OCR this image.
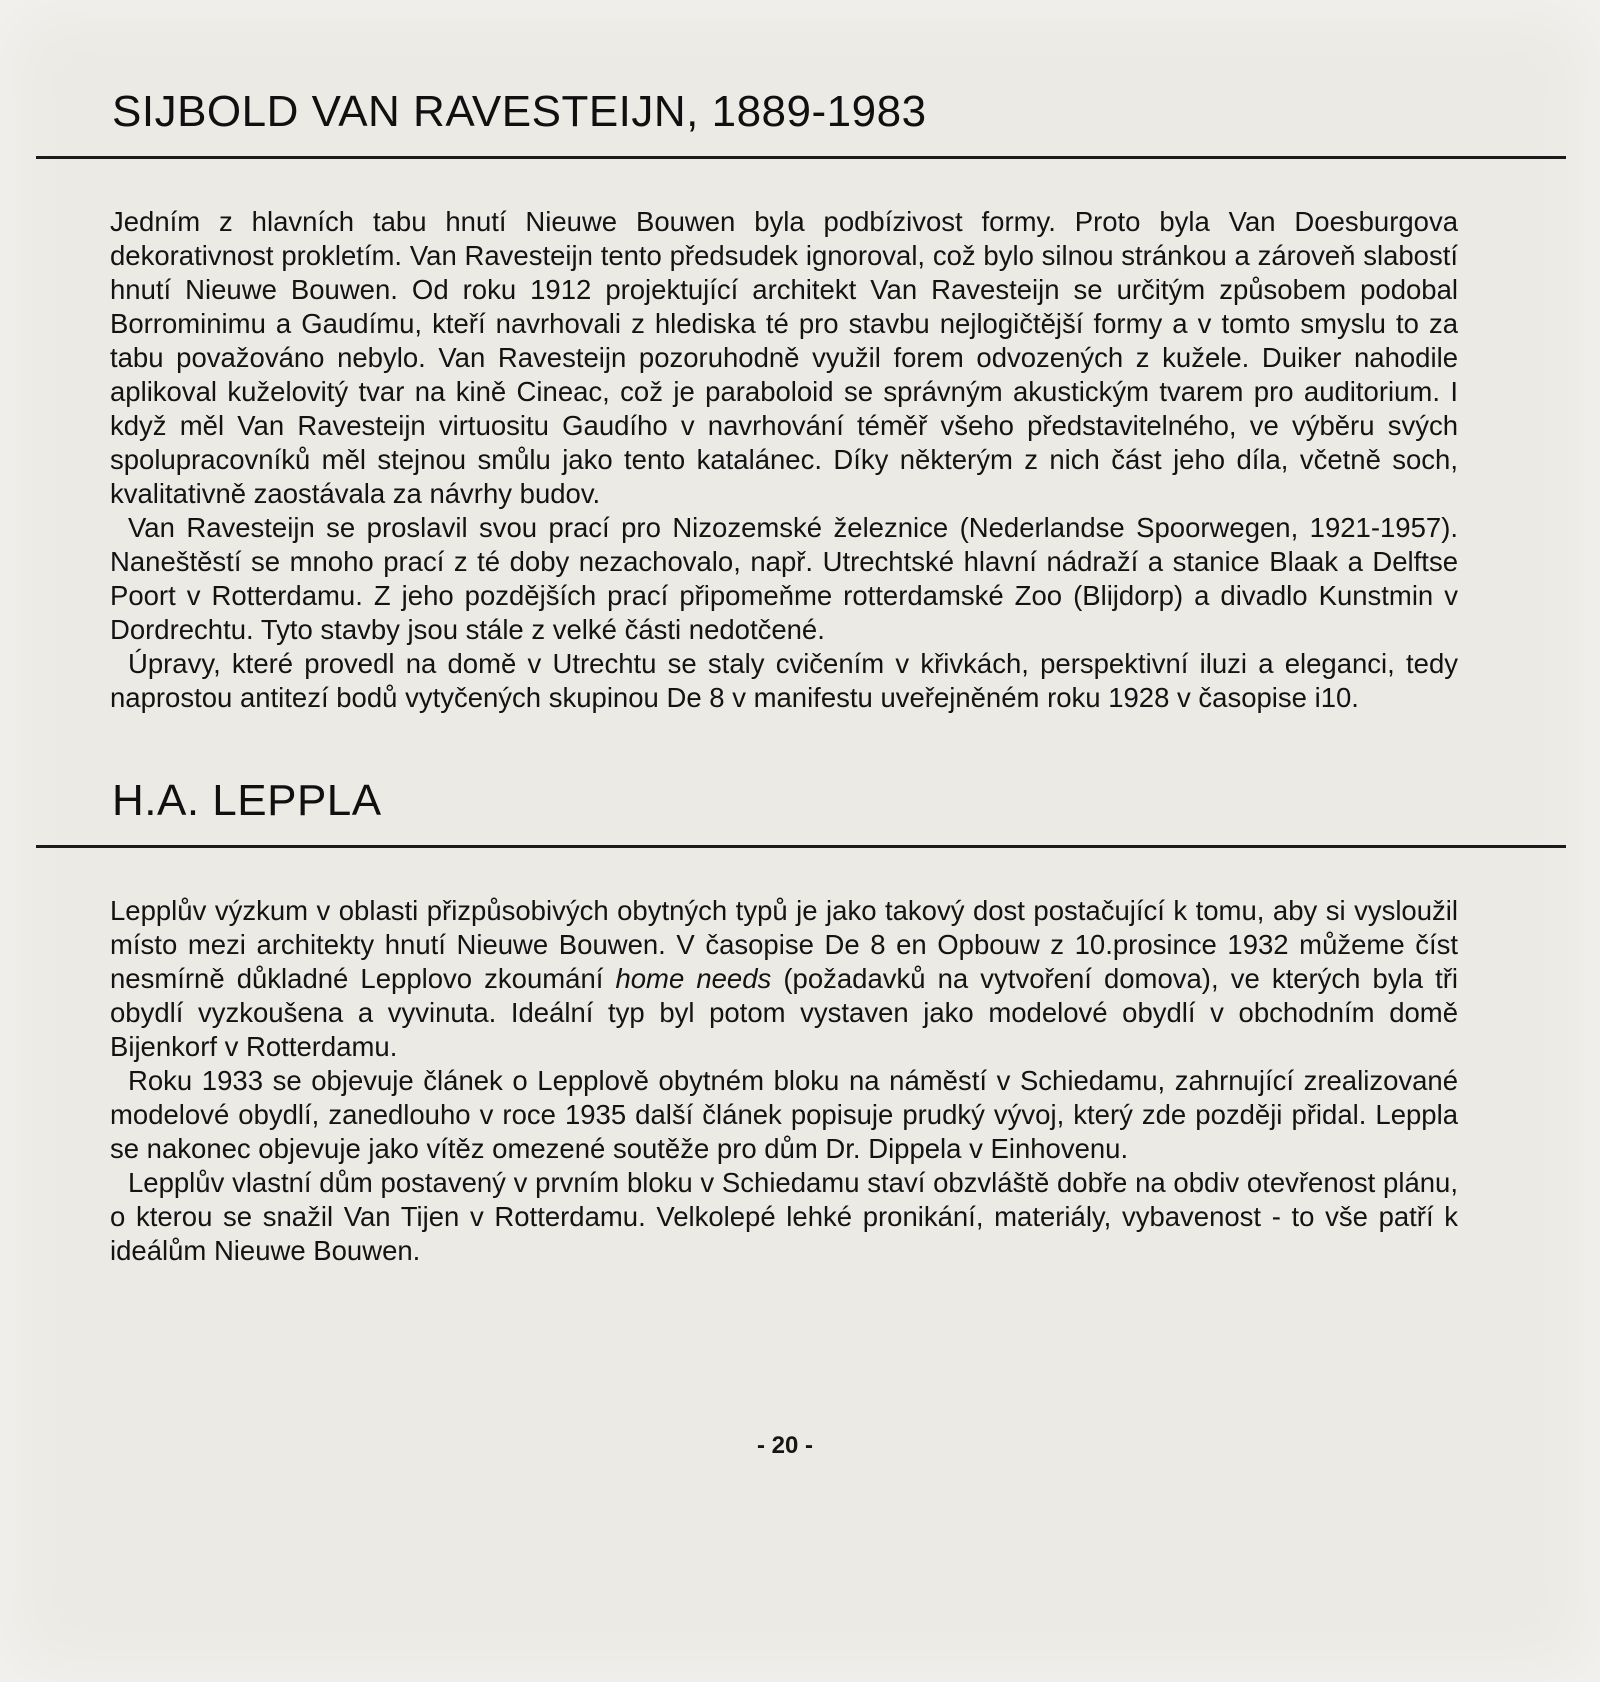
SIJBOLD VAN RAVESTEIJN, 1889-1983

Jedním z hlavních tabu hnutí Nieuwe Bouwen byla podbízivost formy. Proto byla Van Doesburgova dekorativnost prokletím. Van Ravesteijn tento předsudek ignoroval, což bylo silnou stránkou a zároveň slabostí hnutí Nieuwe Bouwen. Od roku 1912 projektující architekt Van Ravesteijn se určitým způsobem podobal Borrominimu a Gaudímu, kteří navrhovali z hlediska té pro stavbu nejlogičtější formy a v tomto smyslu to za tabu považováno nebylo. Van Ravesteijn pozoruhodně využil forem odvozených z kužele. Duiker nahodile aplikoval kuželovitý tvar na kině Cineac, což je paraboloid se správným akustickým tvarem pro auditorium. I když měl Van Ravesteijn virtuositu Gaudího v navrhování téměř všeho představitelného, ve výběru svých spolupracovníků měl stejnou smůlu jako tento katalánec. Díky některým z nich část jeho díla, včetně soch, kvalitativně zaostávala za návrhy budov.

Van Ravesteijn se proslavil svou prací pro Nizozemské železnice (Nederlandse Spoorwegen, 1921-1957). Naneštěstí se mnoho prací z té doby nezachovalo, např. Utrechtské hlavní nádraží a stanice Blaak a Delftse Poort v Rotterdamu. Z jeho pozdějších prací připomeňme rotterdamské Zoo (Blijdorp) a divadlo Kunstmin v Dordrechtu. Tyto stavby jsou stále z velké části nedotčené.

Úpravy, které provedl na domě v Utrechtu se staly cvičením v křivkách, perspektivní iluzi a eleganci, tedy naprostou antitezí bodů vytyčených skupinou De 8 v manifestu uveřejněném roku 1928 v časopise i10.

H.A. LEPPLA

Lepplův výzkum v oblasti přizpůsobivých obytných typů je jako takový dost postačující k tomu, aby si vysloužil místo mezi architekty hnutí Nieuwe Bouwen. V časopise De 8 en Opbouw z 10.prosince 1932 můžeme číst nesmírně důkladné Lepplovo zkoumání home needs (požadavků na vytvoření domova), ve kterých byla tři obydlí vyzkoušena a vyvinuta. Ideální typ byl potom vystaven jako modelové obydlí v obchodním domě Bijenkorf v Rotterdamu.

Roku 1933 se objevuje článek o Lepplově obytném bloku na náměstí v Schiedamu, zahrnující zrealizované modelové obydlí, zanedlouho v roce 1935 další článek popisuje prudký vývoj, který zde později přidal. Leppla se nakonec objevuje jako vítěz omezené soutěže pro dům Dr. Dippela v Einhovenu.

Lepplův vlastní dům postavený v prvním bloku v Schiedamu staví obzvláště dobře na obdiv otevřenost plánu, o kterou se snažil Van Tijen v Rotterdamu. Velkolepé lehké pronikání, materiály, vybavenost - to vše patří k ideálům Nieuwe Bouwen.

- 20 -
